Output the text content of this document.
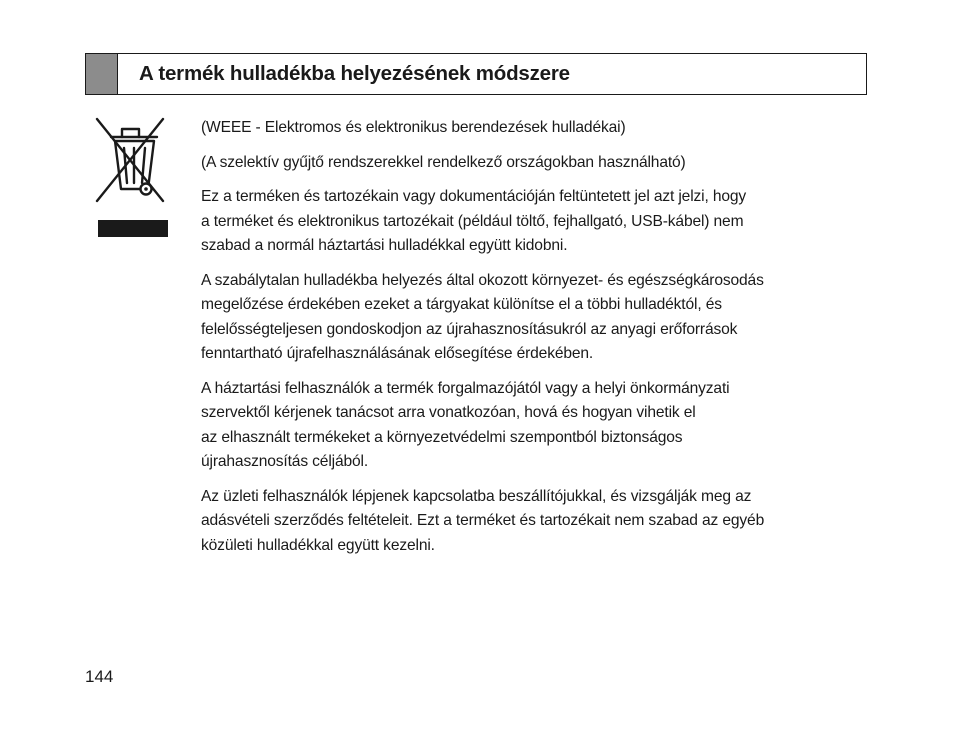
A termék hulladékba helyezésének módszere

(WEEE - Elektromos és elektronikus berendezések hulladékai)

(A szelektív gyűjtő rendszerekkel rendelkező országokban használható)

Ez a terméken és tartozékain vagy dokumentációján feltüntetett jel azt jelzi, hogy
a terméket és elektronikus tartozékait (például töltő, fejhallgató, USB-kábel) nem
szabad a normál háztartási hulladékkal együtt kidobni.

A szabálytalan hulladékba helyezés által okozott környezet- és egészségkárosodás
megelőzése érdekében ezeket a tárgyakat különítse el a többi hulladéktól, és
felelősségteljesen gondoskodjon az újrahasznosításukról az anyagi erőforrások
fenntartható újrafelhasználásának elősegítése érdekében.

A háztartási felhasználók a termék forgalmazójától vagy a helyi önkormányzati
szervektől kérjenek tanácsot arra vonatkozóan, hová és hogyan vihetik el
az elhasznált termékeket a környezetvédelmi szempontból biztonságos
újrahasznosítás céljából.

Az üzleti felhasználók lépjenek kapcsolatba beszállítójukkal, és vizsgálják meg az
adásvételi szerződés feltételeit. Ezt a terméket és tartozékait nem szabad az egyéb
közületi hulladékkal együtt kezelni.

144
